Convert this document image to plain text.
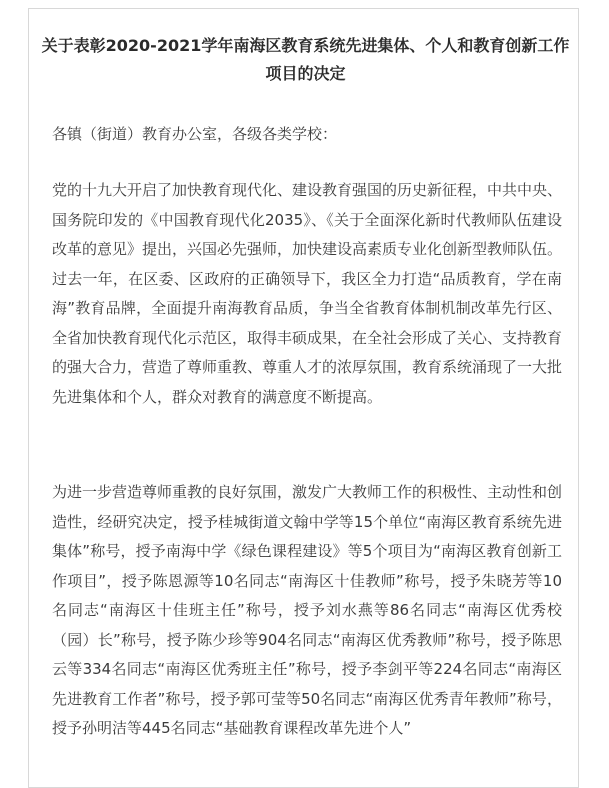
关于表彰2020-2021学年南海区教育系统先进集体、个人和教育创新工作项目的决定

各镇（街道）教育办公室，各级各类学校：

党的十九大开启了加快教育现代化、建设教育强国的历史新征程，中共中央、国务院印发的《中国教育现代化2035》、《关于全面深化新时代教师队伍建设改革的意见》提出，兴国必先强师，加快建设高素质专业化创新型教师队伍。过去一年，在区委、区政府的正确领导下，我区全力打造“品质教育，学在南海”教育品牌，全面提升南海教育品质，争当全省教育体制机制改革先行区、全省加快教育现代化示范区，取得丰硕成果，在全社会形成了关心、支持教育的强大合力，营造了尊师重教、尊重人才的浓厚氛围，教育系统涌现了一大批先进集体和个人，群众对教育的满意度不断提高。

为进一步营造尊师重教的良好氛围，激发广大教师工作的积极性、主动性和创造性，经研究决定，授予桂城街道文翰中学等15个单位“南海区教育系统先进集体”称号，授予南海中学《绿色课程建设》等5个项目为“南海区教育创新工作项目”，授予陈恩源等10名同志“南海区十佳教师”称号，授予朱晓芳等10名同志“南海区十佳班主任”称号，授予刘水燕等86名同志“南海区优秀校（园）长”称号，授予陈少珍等904名同志“南海区优秀教师”称号，授予陈思云等334名同志“南海区优秀班主任”称号，授予李剑平等224名同志“南海区先进教育工作者”称号，授予郭可莹等50名同志“南海区优秀青年教师”称号，授予孙明洁等445名同志“基础教育课程改革先进个人”
